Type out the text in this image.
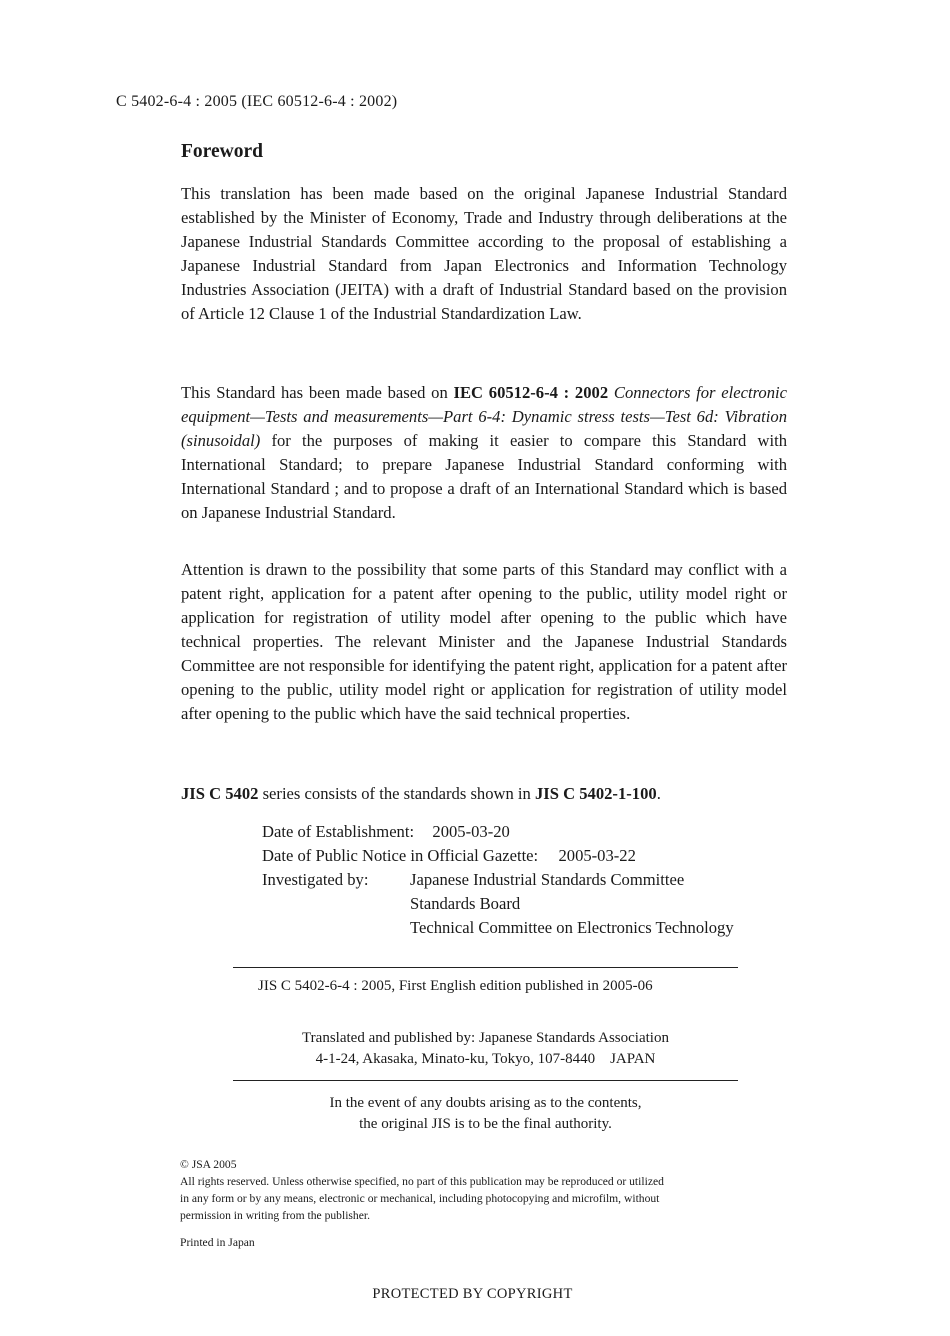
C 5402-6-4 : 2005 (IEC 60512-6-4 : 2002)
Foreword

This translation has been made based on the original Japanese Industrial Standard established by the Minister of Economy, Trade and Industry through deliberations at the Japanese Industrial Standards Committee according to the proposal of establishing a Japanese Industrial Standard from Japan Electronics and Information Technology Industries Association (JEITA) with a draft of Industrial Standard based on the provision of Article 12 Clause 1 of the Industrial Standardization Law.

This Standard has been made based on IEC 60512-6-4 : 2002 Connectors for electronic equipment—Tests and measurements—Part 6-4: Dynamic stress tests—Test 6d: Vibration (sinusoidal) for the purposes of making it easier to compare this Standard with International Standard; to prepare Japanese Industrial Standard conforming with International Standard ; and to propose a draft of an International Standard which is based on Japanese Industrial Standard.

Attention is drawn to the possibility that some parts of this Standard may conflict with a patent right, application for a patent after opening to the public, utility model right or application for registration of utility model after opening to the public which have technical properties. The relevant Minister and the Japanese Industrial Standards Committee are not responsible for identifying the patent right, application for a patent after opening to the public, utility model right or application for registration of utility model after opening to the public which have the said technical properties.

JIS C 5402 series consists of the standards shown in JIS C 5402-1-100.

Date of Establishment: 2005-03-20
Date of Public Notice in Official Gazette: 2005-03-22
Investigated by:	Japanese Industrial Standards Committee
Standards Board
Technical Committee on Electronics Technology
JIS C 5402-6-4 : 2005, First English edition published in 2005-06
Translated and published by: Japanese Standards Association
4-1-24, Akasaka, Minato-ku, Tokyo, 107-8440 JAPAN
In the event of any doubts arising as to the contents,
the original JIS is to be the final authority.
© JSA 2005
All rights reserved. Unless otherwise specified, no part of this publication may be reproduced or utilized
in any form or by any means, electronic or mechanical, including photocopying and microfilm, without
permission in writing from the publisher.
Printed in Japan
PROTECTED BY COPYRIGHT
